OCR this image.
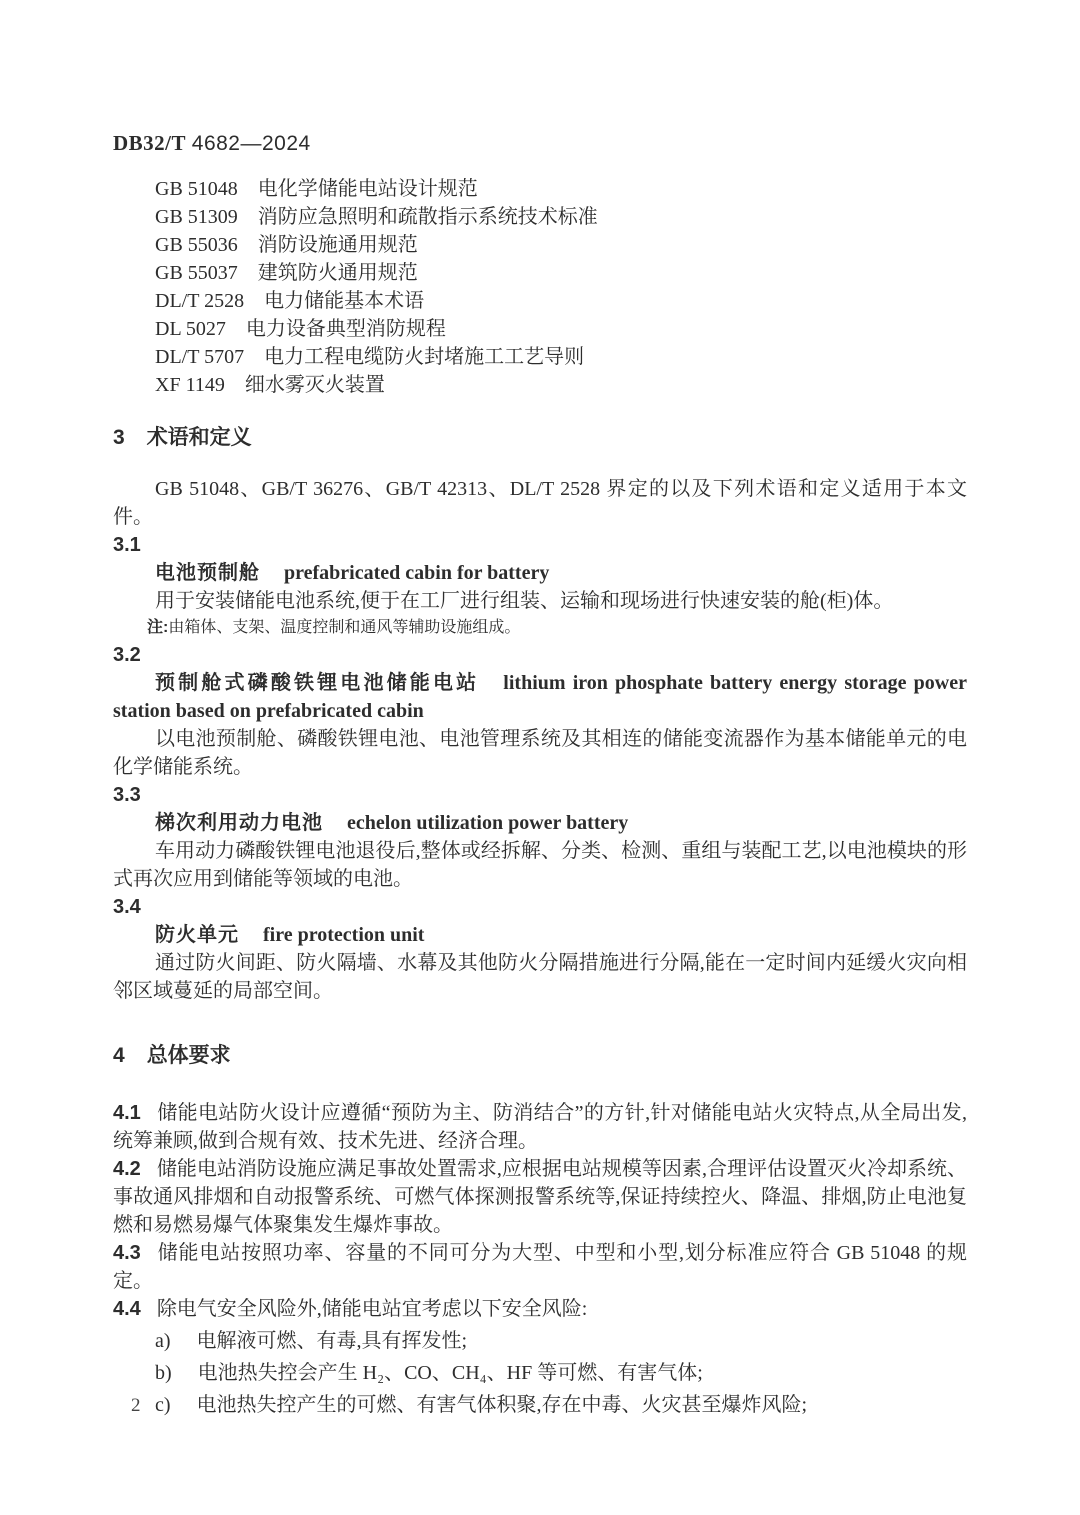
DB32/T 4682—2024

GB 51048 电化学储能电站设计规范

GB 51309 消防应急照明和疏散指示系统技术标准

GB 55036 消防设施通用规范

GB 55037 建筑防火通用规范

DL/T 2528 电力储能基本术语

DL 5027 电力设备典型消防规程

DL/T 5707 电力工程电缆防火封堵施工工艺导则

XF 1149 细水雾灭火装置

3 术语和定义

GB 51048、GB/T 36276、GB/T 42313、DL/T 2528 界定的以及下列术语和定义适用于本文件。

3.1

电池预制舱 prefabricated cabin for battery

用于安装储能电池系统,便于在工厂进行组装、运输和现场进行快速安装的舱(柜)体。

注:由箱体、支架、温度控制和通风等辅助设施组成。

3.2

预制舱式磷酸铁锂电池储能电站 lithium iron phosphate battery energy storage power station based on prefabricated cabin

以电池预制舱、磷酸铁锂电池、电池管理系统及其相连的储能变流器作为基本储能单元的电化学储能系统。

3.3

梯次利用动力电池 echelon utilization power battery

车用动力磷酸铁锂电池退役后,整体或经拆解、分类、检测、重组与装配工艺,以电池模块的形式再次应用到储能等领域的电池。

3.4

防火单元 fire protection unit

通过防火间距、防火隔墙、水幕及其他防火分隔措施进行分隔,能在一定时间内延缓火灾向相邻区域蔓延的局部空间。

4 总体要求

4.1 储能电站防火设计应遵循“预防为主、防消结合”的方针,针对储能电站火灾特点,从全局出发,统筹兼顾,做到合规有效、技术先进、经济合理。

4.2 储能电站消防设施应满足事故处置需求,应根据电站规模等因素,合理评估设置灭火冷却系统、事故通风排烟和自动报警系统、可燃气体探测报警系统等,保证持续控火、降温、排烟,防止电池复燃和易燃易爆气体聚集发生爆炸事故。

4.3 储能电站按照功率、容量的不同可分为大型、中型和小型,划分标准应符合 GB 51048 的规定。

4.4 除电气安全风险外,储能电站宜考虑以下安全风险:

a) 电解液可燃、有毒,具有挥发性;

b) 电池热失控会产生 H₂、CO、CH₄、HF 等可燃、有害气体;

c) 电池热失控产生的可燃、有害气体积聚,存在中毒、火灾甚至爆炸风险;

2
